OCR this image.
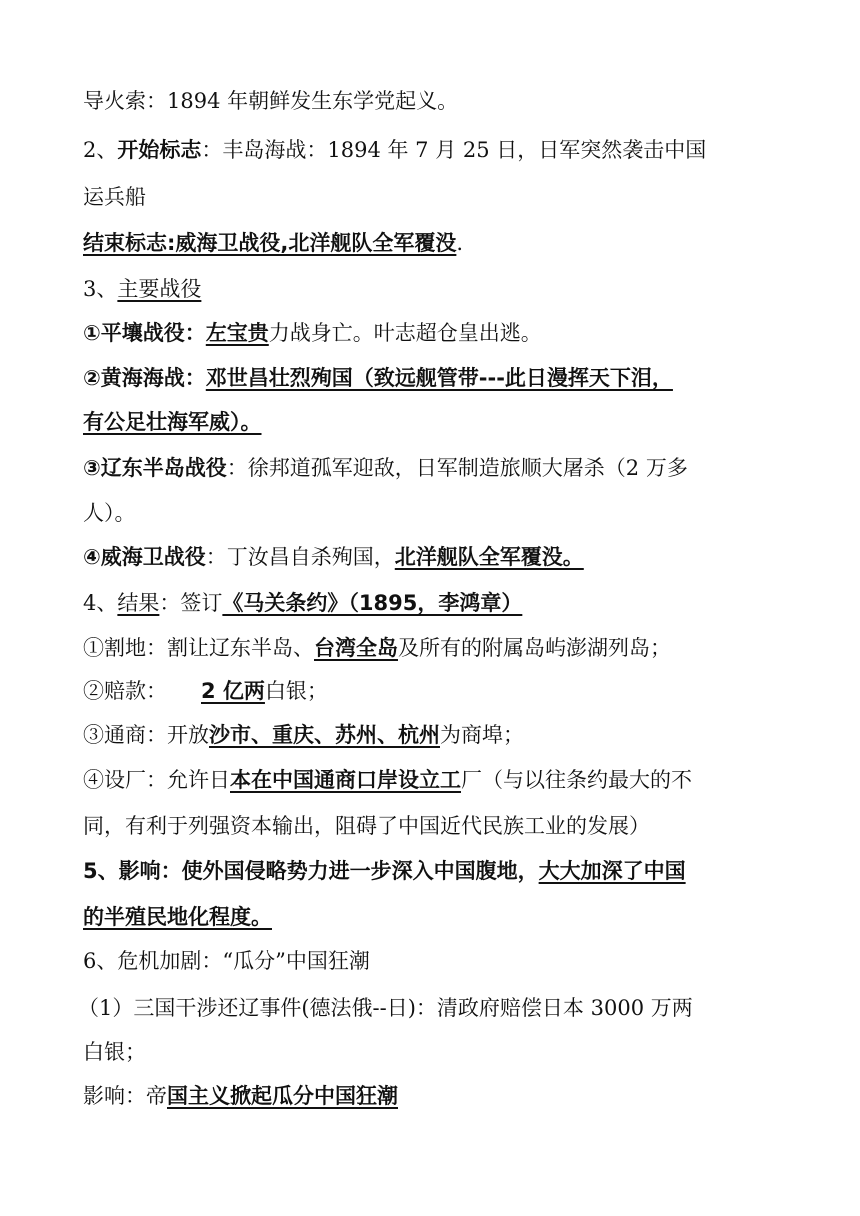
导火索：1894 年朝鲜发生东学党起义。
2、开始标志：丰岛海战：1894 年 7 月 25 日，日军突然袭击中国
运兵船
结束标志:威海卫战役,北洋舰队全军覆没.
3、主要战役
①平壤战役：左宝贵力战身亡。叶志超仓皇出逃。
②黄海海战：邓世昌壮烈殉国（致远舰管带---此日漫挥天下泪，
有公足壮海军威）。
③辽东半岛战役：徐邦道孤军迎敌，日军制造旅顺大屠杀（2 万多
人）。
④威海卫战役：丁汝昌自杀殉国，北洋舰队全军覆没。
4、结果：签订《马关条约》（1895，李鸿章）
①割地：割让辽东半岛、台湾全岛及所有的附属岛屿澎湖列岛；
②赔款： 2 亿两白银；
③通商：开放沙市、重庆、苏州、杭州为商埠；
④设厂：允许日本在中国通商口岸设立工厂（与以往条约最大的不
同，有利于列强资本输出，阻碍了中国近代民族工业的发展）
5、影响：使外国侵略势力进一步深入中国腹地，大大加深了中国
的半殖民地化程度。
6、危机加剧：“瓜分”中国狂潮
（1）三国干涉还辽事件(德法俄--日)：清政府赔偿日本 3000 万两
白银；
影响：帝国主义掀起瓜分中国狂潮
